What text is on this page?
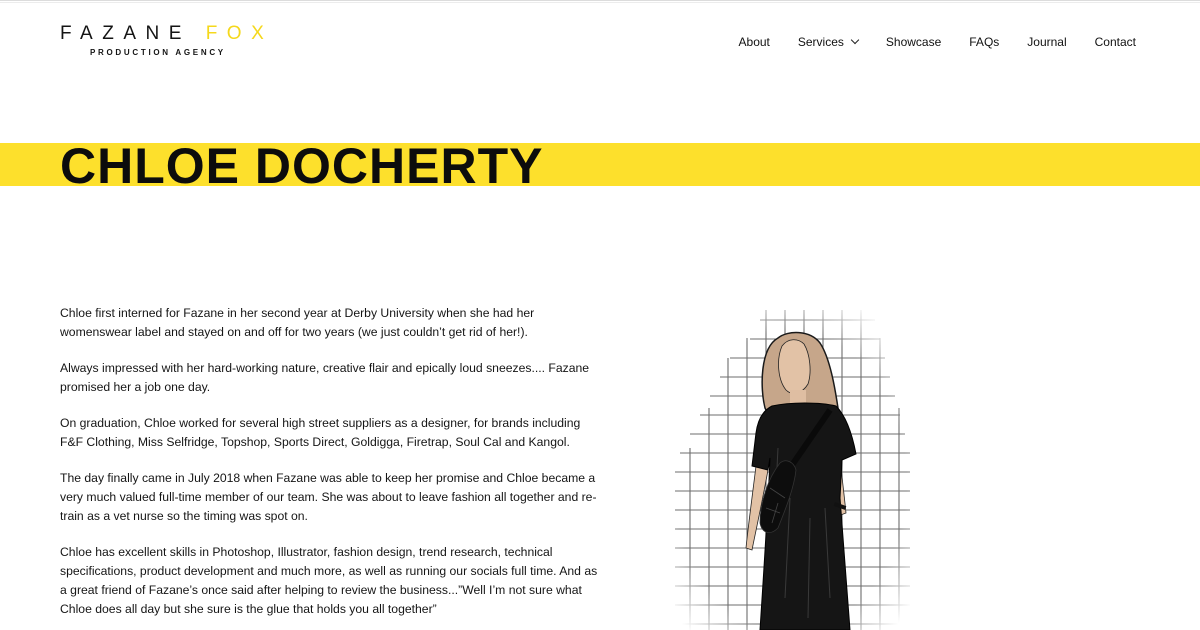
FAZANE FOX
PRODUCTION AGENCY
About Services	Showcase FAQs Journal Contact
CHLOE DOCHERTY

Chloe first interned for Fazane in her second year at Derby University when she had her womenswear label and stayed on and off for two years (we just couldn’t get rid of her!).

Always impressed with her hard-working nature, creative flair and epically loud sneezes.... Fazane promised her a job one day.

On graduation, Chloe worked for several high street suppliers as a designer, for brands including F&F Clothing, Miss Selfridge, Topshop, Sports Direct, Goldigga, Firetrap, Soul Cal and Kangol.

The day finally came in July 2018 when Fazane was able to keep her promise and Chloe became a very much valued full-time member of our team. She was about to leave fashion all together and re-train as a vet nurse so the timing was spot on.

Chloe has excellent skills in Photoshop, Illustrator, fashion design, trend research, technical specifications, product development and much more, as well as running our socials full time. And as a great friend of Fazane’s once said after helping to review the business...”Well I’m not sure what Chloe does all day but she sure is the glue that holds you all together”
